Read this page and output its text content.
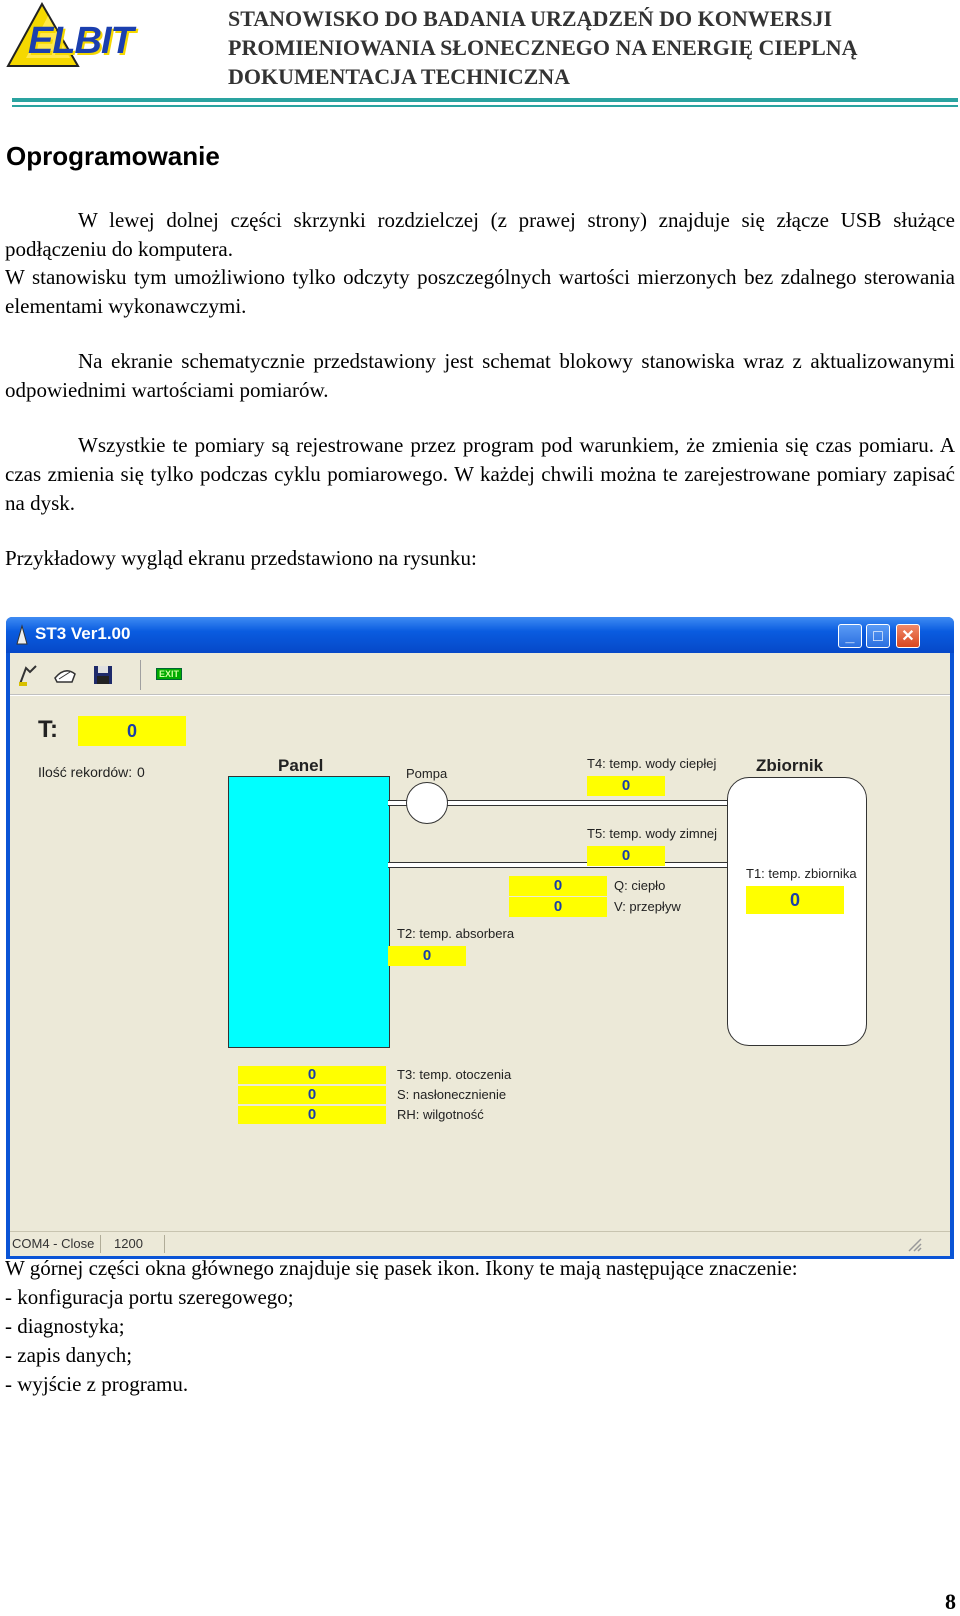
ELBIT
STANOWISKO DO BADANIA URZĄDZEŃ DO KONWERSJI
PROMIENIOWANIA SŁONECZNEGO NA ENERGIĘ CIEPLNĄ
DOKUMENTACJA TECHNICZNA
Oprogramowanie
W lewej dolnej części skrzynki rozdzielczej (z prawej strony) znajduje się złącze USB służące podłączeniu do komputera.
W stanowisku tym umożliwiono tylko odczyty poszczególnych wartości mierzonych bez zdalnego sterowania elementami wykonawczymi.
Na ekranie schematycznie przedstawiony jest schemat blokowy stanowiska wraz z aktualizowanymi odpowiednimi wartościami pomiarów.
Wszystkie te pomiary są rejestrowane przez program pod warunkiem, że zmienia się czas pomiaru. A czas zmienia się tylko podczas cyklu pomiarowego. W każdej chwili można te zarejestrowane pomiary zapisać na dysk.
Przykładowy wygląd ekranu przedstawiono na rysunku:
ST3 Ver1.00	_	□	✕
EXIT
T:	0
Ilość rekordów: 0	Panel	Pompa
T4: temp. wody ciepłej
0
T5: temp. wody zimnej
0
0
0
Q: ciepło
V: przepływ
Zbiornik
T1: temp. zbiornika
0
T2: temp. absorbera
0
0
0
0
T3: temp. otoczenia
S: nasłonecznienie
RH: wilgotność
COM4 - Close	1200
W górnej części okna głównego znajduje się pasek ikon. Ikony te mają następujące znaczenie:
- konfiguracja portu szeregowego;
- diagnostyka;
- zapis danych;
- wyjście z programu.
8
